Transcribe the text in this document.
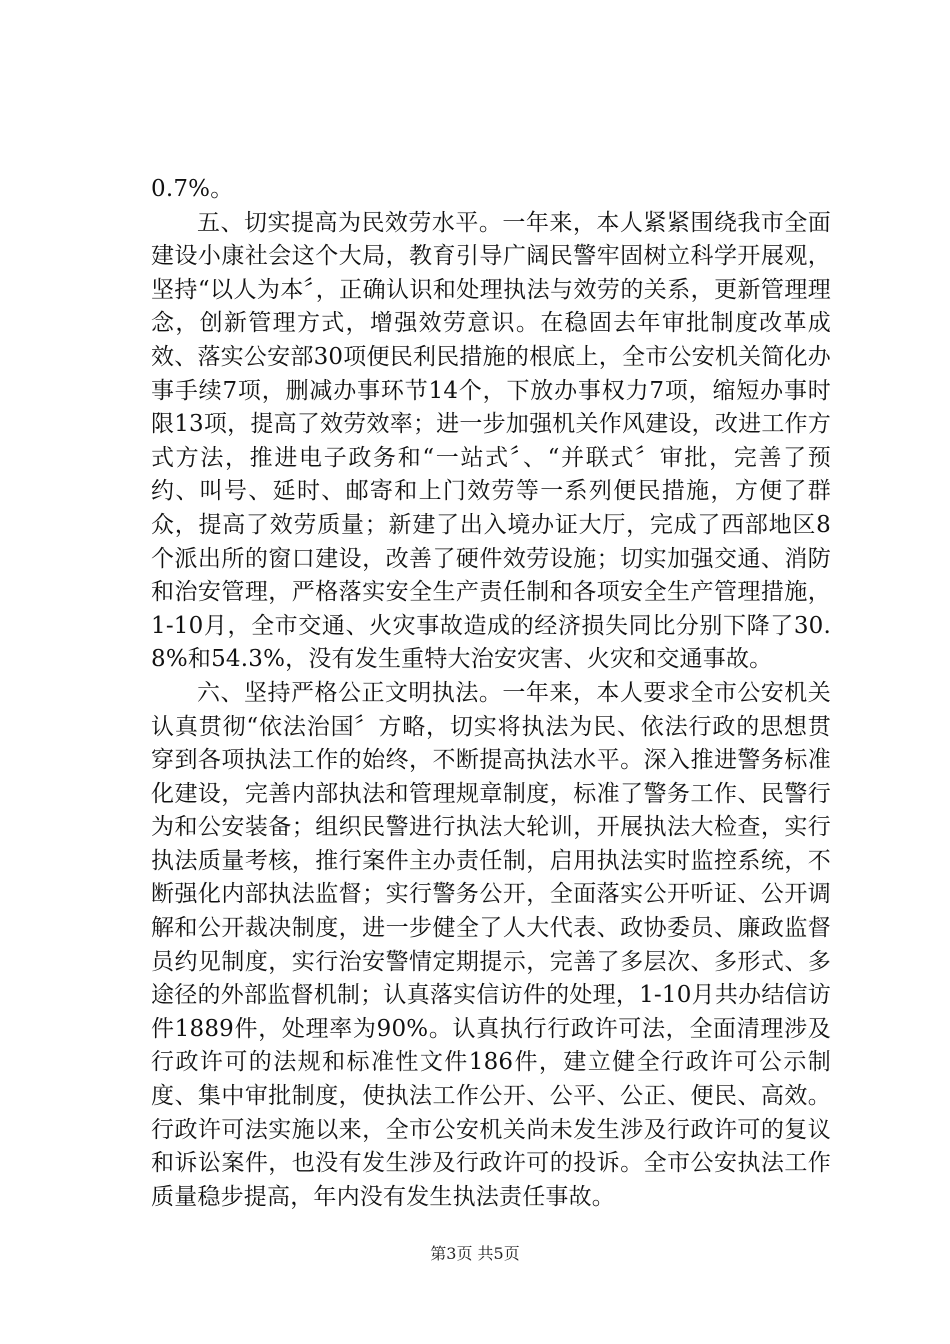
0.7%。

五、切实提高为民效劳水平。一年来，本人紧紧围绕我市全面建设小康社会这个大局，教育引导广阔民警牢固树立科学开展观，坚持“以人为本〞，正确认识和处理执法与效劳的关系，更新管理理念，创新管理方式，增强效劳意识。在稳固去年审批制度改革成效、落实公安部30项便民利民措施的根底上，全市公安机关简化办事手续7项，删减办事环节14个，下放办事权力7项，缩短办事时限13项，提高了效劳效率；进一步加强机关作风建设，改进工作方式方法，推进电子政务和“一站式〞、“并联式〞审批，完善了预约、叫号、延时、邮寄和上门效劳等一系列便民措施，方便了群众，提高了效劳质量；新建了出入境办证大厅，完成了西部地区8个派出所的窗口建设，改善了硬件效劳设施；切实加强交通、消防和治安管理，严格落实安全生产责任制和各项安全生产管理措施，1-10月，全市交通、火灾事故造成的经济损失同比分别下降了30.8%和54.3%，没有发生重特大治安灾害、火灾和交通事故。

六、坚持严格公正文明执法。一年来，本人要求全市公安机关认真贯彻“依法治国〞方略，切实将执法为民、依法行政的思想贯穿到各项执法工作的始终，不断提高执法水平。深入推进警务标准化建设，完善内部执法和管理规章制度，标准了警务工作、民警行为和公安装备；组织民警进行执法大轮训，开展执法大检查，实行执法质量考核，推行案件主办责任制，启用执法实时监控系统，不断强化内部执法监督；实行警务公开，全面落实公开听证、公开调解和公开裁决制度，进一步健全了人大代表、政协委员、廉政监督员约见制度，实行治安警情定期提示，完善了多层次、多形式、多途径的外部监督机制；认真落实信访件的处理，1-10月共办结信访件1889件，处理率为90%。认真执行行政许可法，全面清理涉及行政许可的法规和标准性文件186件，建立健全行政许可公示制度、集中审批制度，使执法工作公开、公平、公正、便民、高效。行政许可法实施以来，全市公安机关尚未发生涉及行政许可的复议和诉讼案件，也没有发生涉及行政许可的投诉。全市公安执法工作质量稳步提高，年内没有发生执法责任事故。

第3页 共5页
